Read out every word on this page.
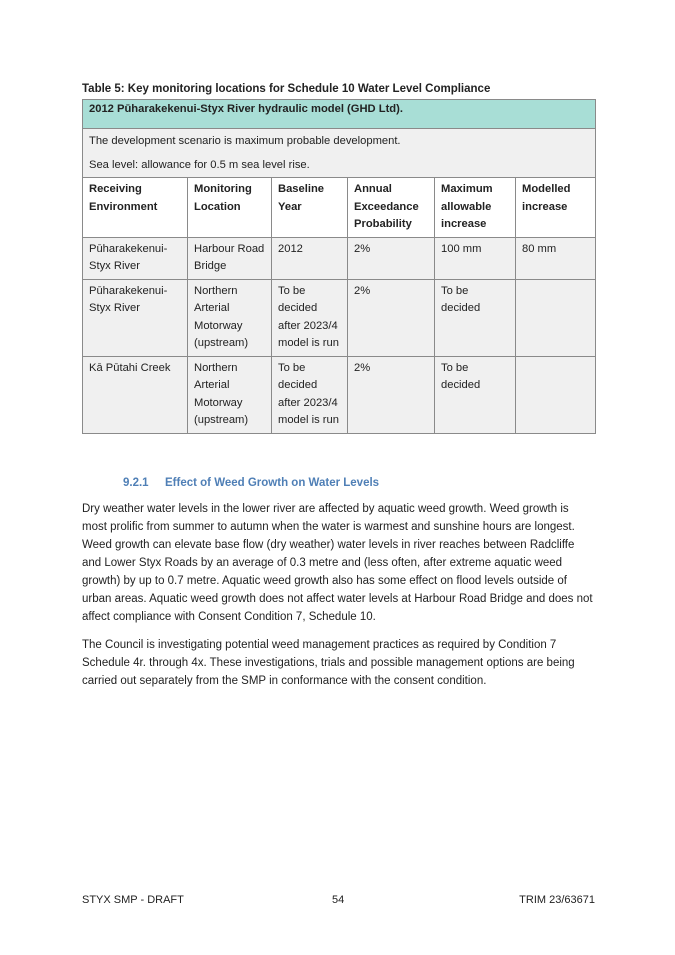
Table 5: Key monitoring locations for Schedule 10 Water Level Compliance
2012 Pūharakekenui-Styx River hydraulic model (GHD Ltd).					

The development scenario is maximum probable development.

Sea level: allowance for 0.5 m sea level rise.					

Receiving Environment	Monitoring Location	Baseline Year	Annual Exceedance Probability	Maximum allowable increase	Modelled increase
Pūharakekenui-Styx River	Harbour Road Bridge	2012	2%	100 mm	80 mm
Pūharakekenui-Styx River	Northern Arterial Motorway (upstream)	To be decided after 2023/4 model is run	2%	To be decided	
Kā Pūtahi Creek	Northern Arterial Motorway (upstream)	To be decided after 2023/4 model is run	2%	To be decided	
9.2.1 Effect of Weed Growth on Water Levels

Dry weather water levels in the lower river are affected by aquatic weed growth. Weed growth is most prolific from summer to autumn when the water is warmest and sunshine hours are longest. Weed growth can elevate base flow (dry weather) water levels in river reaches between Radcliffe and Lower Styx Roads by an average of 0.3 metre and (less often, after extreme aquatic weed growth) by up to 0.7 metre. Aquatic weed growth also has some effect on flood levels outside of urban areas. Aquatic weed growth does not affect water levels at Harbour Road Bridge and does not affect compliance with Consent Condition 7, Schedule 10.

The Council is investigating potential weed management practices as required by Condition 7 Schedule 4r. through 4x. These investigations, trials and possible management options are being carried out separately from the SMP in conformance with the consent condition.

STYX SMP - DRAFT	54	TRIM 23/63671
